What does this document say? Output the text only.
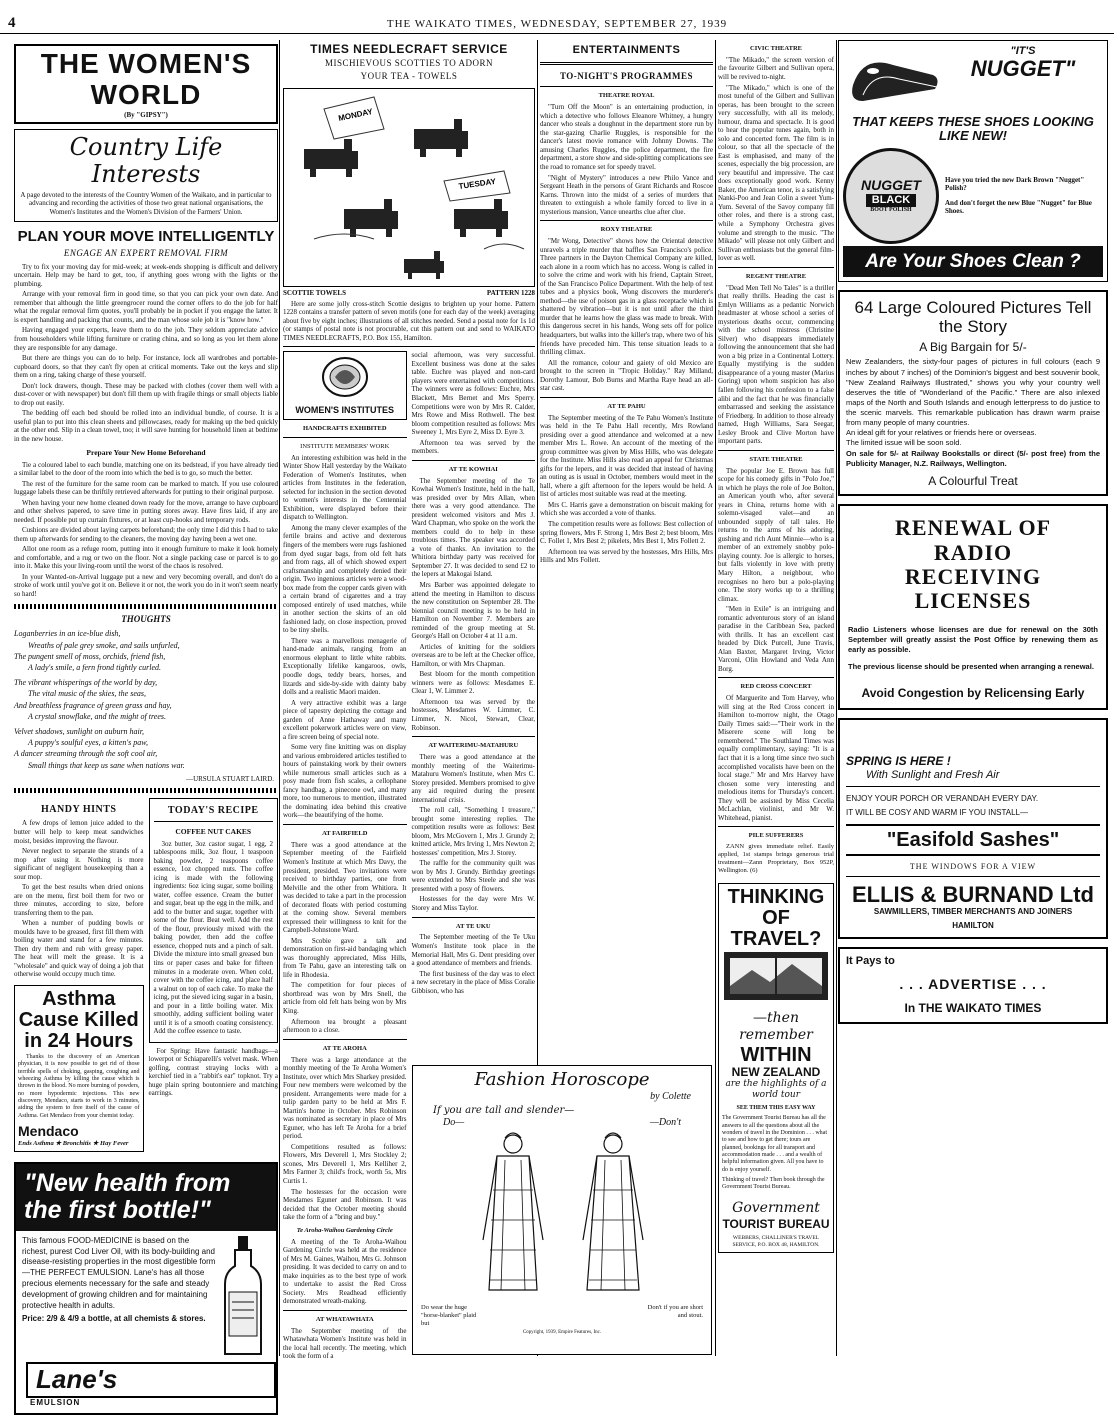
4	THE WAIKATO TIMES, WEDNESDAY, SEPTEMBER 27, 1939
THE WOMEN'S WORLD
(By "GIPSY")
Country Life Interests
A page devoted to the interests of the Country Women of the Waikato, and in particular to advancing and recording the activities of those two great national organisations, the Women's Institutes and the Women's Division of the Farmers' Union.
PLAN YOUR MOVE INTELLIGENTLY
ENGAGE AN EXPERT REMOVAL FIRM

Try to fix your moving day for mid-week; at week-ends shopping is difficult and delivery uncertain. Help may be hard to get, too, if anything goes wrong with the lights or the plumbing.

Arrange with your removal firm in good time, so that you can pick your own date. And remember that although the little greengrocer round the corner offers to do the job for half what the regular removal firm quotes, you'll probably be in pocket if you engage the latter. It is expert handling and packing that counts, and the man whose sole job it is "know how."

Having engaged your experts, leave them to do the job. They seldom appreciate advice from householders while lifting furniture or crating china, and so long as you let them alone they are responsible for any damage.

But there are things you can do to help. For instance, lock all wardrobes and portable-cupboard doors, so that they can't fly open at critical moments. Take out the keys and slip them on a ring, taking charge of these yourself.

Don't lock drawers, though. These may be packed with clothes (cover them well with a dust-cover or with newspaper) but don't fill them up with fragile things or small objects liable to drop out easily.

The bedding off each bed should be rolled into an individual bundle, of course. It is a useful plan to put into this clean sheets and pillowcases, ready for making up the bed quickly at the other end. Slip in a clean towel, too; it will save hunting for household linen at bedtime in the new house.

Prepare Your New Home Beforehand

Tie a coloured label to each bundle, matching one on its bedstead, if you have already tied a similar label to the door of the room into which the bed is to go, so much the better.

The rest of the furniture for the same room can be marked to match. If you use coloured luggage labels these can be thriftily retrieved afterwards for putting to their original purpose.

When having your new home cleaned down ready for the move, arrange to have cupboard and other shelves papered, to save time in putting stores away. Have fires laid, if any are needed. If possible put up curtain fixtures, or at least cup-hooks and temporary rods.

Cushions are divided about laying carpets beforehand; the only time I did this I had to take them up afterwards for sending to the cleaners, the moving day having been a wet one.

Allot one room as a refuge room, putting into it enough furniture to make it look homely and comfortable, and a rug or two on the floor. Not a single packing case or parcel is to go into it. Make this your living-room until the worst of the chaos is resolved.

In your Wanted-on-Arrival luggage put a new and very becoming overall, and don't do a stroke of work until you've got it on. Believe it or not, the work you do in it won't seem nearly so hard!

THOUGHTS

Loganberries in an ice-blue dish,

Wreaths of pale grey smoke, and sails unfurled,

The pungent smell of moss, orchids, friend fish,

A lady's smile, a fern frond tightly curled.

The vibrant whisperings of the world by day,

The vital music of the skies, the seas,

And breathless fragrance of green grass and hay,

A crystal snowflake, and the might of trees.

Velvet shadows, sunlight on auburn hair,

A puppy's soulful eyes, a kitten's paw,

A dancer streaming through the soft cool air,

Small things that keep us sane when nations war.

—URSULA STUART LAIRD.
HANDY HINTS

A few drops of lemon juice added to the butter will help to keep meat sandwiches moist, besides improving the flavour.

Never neglect to separate the strands of a mop after using it. Nothing is more significant of negligent housekeeping than a sour mop.

To get the best results when dried onions are on the menu, first boil them for two or three minutes, according to size, before transferring them to the pan.

When a number of pudding bowls or moulds have to be greased, first fill them with boiling water and stand for a few minutes. Then dry them and rub with greasy paper. The heat will melt the grease. It is a "wholesale" and quick way of doing a job that otherwise would occupy much time.

Asthma Cause Killed in 24 Hours

Thanks to the discovery of an American physician, it is now possible to get rid of those terrible spells of choking, gasping, coughing and wheezing Asthma by killing the cause which is thrown in the blood. No more burning of powders, no more hypodermic injections. This new discovery, Mendaco, starts to work in 3 minutes, aiding the system to free itself of the cause of Asthma. Get Mendaco from your chemist today.

Mendaco
Ends Asthma ★ Bronchitis ★ Hay Fever
TODAY'S RECIPE
COFFEE NUT CAKES

3oz butter, 3oz castor sugar, 1 egg, 2 tablespoons milk, 3oz flour, 1 teaspoon baking powder, 2 teaspoons coffee essence, 1oz chopped nuts. The coffee icing is made with the following ingredients: 6oz icing sugar, some boiling water, coffee essence. Cream the butter and sugar, beat up the egg in the milk, and add to the butter and sugar, together with some of the flour. Beat well. Add the rest of the flour, previously mixed with the baking powder, then add the coffee essence, chopped nuts and a pinch of salt. Divide the mixture into small greased bun tins or paper cases and bake for fifteen minutes in a moderate oven. When cold, cover with the coffee icing, and place half a walnut on top of each cake. To make the icing, put the sieved icing sugar in a basin, and pour in a little boiling water. Mix smoothly, adding sufficient boiling water until it is of a smooth coating consistency. Add the coffee essence to taste.

For Spring: Have fantastic handbags—a lowerpot or Schiaparelli's velvet mask. When golfing, contrast straying locks with a kerchief tied in a "rabbit's ear" topknot. Try a huge plain spring boutonniere and matching earrings.

"New health from the first bottle!"

This famous FOOD-MEDICINE is based on the richest, purest Cod Liver Oil, with its body-building and disease-resisting properties in the most digestible form—THE PERFECT EMULSION. Lane's has all those precious elements necessary for the safe and steady development of growing children and for maintaining protective health in adults.

Price: 2/9 & 4/9 a bottle, at all chemists & stores.

Lane's
EMULSION
TIMES NEEDLECRAFT SERVICE
MISCHIEVOUS SCOTTIES TO ADORN
YOUR TEA - TOWELS
MONDAY
TUESDAY
SCOTTIE TOWELS	PATTERN 1228

Here are some jolly cross-stitch Scottie designs to brighten up your home. Pattern 1228 contains a transfer pattern of seven motifs (one for each day of the week) averaging about five by eight inches; illustrations of all stitches needed. Send a postal note for 1s 1d (or stamps of postal note is not procurable, cut this pattern out and send to WAIKATO TIMES NEEDLECRAFTS, P.O. Box 155, Hamilton.

WOMEN'S INSTITUTES
HANDCRAFTS EXHIBITED
INSTITUTE MEMBERS' WORK

An interesting exhibition was held in the Winter Show Hall yesterday by the Waikato Federation of Women's Institutes, when articles from Institutes in the federation, selected for inclusion in the section devoted to women's interests in the Centennial Exhibition, were displayed before their dispatch to Wellington.

Among the many clever examples of the fertile brains and active and dexterous fingers of the members were rugs fashioned from dyed sugar bags, from old felt hats and from rags, all of which showed expert craftsmanship and completely denied their origin. Two ingenious articles were a wood-box made from the copper cards given with a certain brand of cigarettes and a tray composed entirely of used matches, while in another section the skirts of an old fashioned lady, on close inspection, proved to be tiny shells.

There was a marvellous menagerie of hand-made animals, ranging from an enormous elephant to little white rabbits. Exceptionally lifelike kangaroos, owls, poodle dogs, teddy bears, horses, and lizards and side-by-side with dainty baby dolls and a realistic Maori maiden.

A very attractive exhibit was a large piece of tapestry depicting the cottage and garden of Anne Hathaway and many excellent pokerwork articles were on view, a fire screen being of special note.

Some very fine knitting was on display and various embroidered articles testified to hours of painstaking work by their owners while numerous small articles such as a posy made from fish scales, a cellophane fancy handbag, a pinecone owl, and many more, too numerous to mention, illustrated the dominating idea behind this creative work—the beautifying of the home.

AT FAIRFIELD

There was a good attendance at the September meeting of the Fairfield Women's Institute at which Mrs Davy, the president, presided. Two invitations were received to birthday parties, one from Melville and the other from Whitiora. It was decided to take a part in the procession of decorated floats with period costuming at the coming show. Several members expressed their willingness to knit for the Campbell-Johnstone Ward.

Mrs Scobie gave a talk and demonstration on first-aid bandaging which was thoroughly appreciated, Miss Hills, from Te Pahu, gave an interesting talk on life in Rhodesia.

The competition for four pieces of shortbread was won by Mrs Snell, the article from old felt hats being won by Mrs King.

Afternoon tea brought a pleasant afternoon to a close.

AT TE AROHA

There was a large attendance at the monthly meeting of the Te Aroha Women's Institute, over which Mrs Sharkey presided. Four new members were welcomed by the president. Arrangements were made for a tulip garden party to be held at Mrs F. Martin's home in October. Mrs Robinson was nominated as secretary in place of Mrs Eguner, who has left Te Aroha for a brief period.

Competitions resulted as follows: Flowers, Mrs Deverell 1, Mrs Stockley 2; scones, Mrs Deverell 1, Mrs Kelliher 2, Mrs Farmer 3; child's frock, worth 5s, Mrs Curtis 1.

The hostesses for the occasion were Mesdames Eguner and Robinson. It was decided that the October meeting should take the form of a "bring and buy."

Te Aroha-Waihou Gardening Circle

A meeting of the Te Aroha-Waihou Gardening Circle was held at the residence of Mrs M. Gaines, Waihou, Mrs G. Johnson presiding. It was decided to carry on and to make inquiries as to the best type of work to undertake to assist the Red Cross Society. Mrs Readhead efficiently demonstrated wreath-making.

AT WHATAWHATA

The September meeting of the Whatawhata Women's Institute was held in the local hall recently. The meeting, which took the form of a

social afternoon, was very successful. Excellent business was done at the sales table. Euchre was played and non-card players were entertained with competitions. The winners were as follows: Euchre, Mrs Blackett, Mrs Bernet and Mrs Sperry. Competitions were won by Mrs R. Calder, Mrs Rowe and Miss Rothwell. The best bloom competition resulted as follows: Mrs Sweeney 1, Mrs Eyre 2, Miss D. Eyre 3.

Afternoon tea was served by the members.

AT TE KOWHAI

The September meeting of the Te Kowhai Women's Institute, held in the hall, was presided over by Mrs Allan, when there was a very good attendance. The president welcomed visitors and Mrs J. Ward Chapman, who spoke on the work the members could do to help in these troublous times. The speaker was accorded a vote of thanks. An invitation to the Whitiora birthday party was received for September 27. It was decided to send £2 to the lepers at Makogai Island.

Mrs Barber was appointed delegate to attend the meeting in Hamilton to discuss the new constitution on September 28. The biennial council meeting is to be held in Hamilton on November 7. Members are reminded of the group meeting at St. George's Hall on October 4 at 11 a.m.

Articles of knitting for the soldiers overseas are to be left at the Checker office, Hamilton, or with Mrs Chapman.

Best bloom for the month competition winners were as follows: Mesdames E. Clear 1, W. Limmer 2.

Afternoon tea was served by the hostesses, Mesdames W. Limmer, C. Limmer, N. Nicol, Stewart, Clear, Robinson.

AT WAITERIMU-MATAHURU

There was a good attendance at the monthly meeting of the Waiterimu-Matahuru Women's Institute, when Mrs C. Storey presided. Members promised to give any aid required during the present international crisis.

The roll call, "Something I treasure," brought some interesting replies. The competition results were as follows: Best bloom, Mrs McGovern 1, Mrs J. Grundy 2; knitted article, Mrs Irving 1, Mrs Newton 2; hostesses' competition, Mrs J. Storey.

The raffle for the community quilt was won by Mrs J. Grundy. Birthday greetings were extended to Mrs Steele and she was presented with a posy of flowers.

Hostesses for the day were Mrs W. Storey and Miss Taylor.

AT TE UKU

The September meeting of the Te Uku Women's Institute took place in the Memorial Hall, Mrs G. Dent presiding over a good attendance of members and friends.

The first business of the day was to elect a new secretary in the place of Miss Coralie Gibbison, who has

ENTERTAINMENTS
TO-NIGHT'S PROGRAMMES
THEATRE ROYAL

"Turn Off the Moon" is an entertaining production, in which a detective who follows Eleanore Whitney, a hungry dancer who steals a doughnut in the department store run by the star-gazing Charlie Ruggles, is responsible for the dancer's latest movie romance with Johnny Downs. The amusing Charles Ruggles, the police department, the fire department, a store show and side-splitting complications see the road to romance set for speedy travel.

"Night of Mystery" introduces a new Philo Vance and Sergeant Heath in the persons of Grant Richards and Roscoe Karns. Thrown into the midst of a series of murders that threaten to extinguish a whole family forced to live in a mysterious mansion, Vance unearths clue after clue.

ROXY THEATRE

"Mr Wong, Detective" shows how the Oriental detective unravels a triple murder that baffles San Francisco's police. Three partners in the Dayton Chemical Company are killed, each alone in a room which has no access. Wong is called in to solve the crime and work with his friend, Captain Street, of the San Francisco Police Department. With the help of test tubes and a physics book, Wong discovers the murderer's method—the use of poison gas in a glass receptacle which is shattered by vibration—but it is not until after the third murder that he learns how the glass was made to break. With this dangerous secret in his hands, Wong sets off for police headquarters, but walks into the killer's trap, where two of his friends have preceded him. This tense situation leads to a thrilling climax.

All the romance, colour and gaiety of old Mexico are brought to the screen in "Tropic Holiday." Ray Milland, Dorothy Lamour, Bob Burns and Martha Raye head an all-star cast.

AT TE PAHU

The September meeting of the Te Pahu Women's Institute was held in the Te Pahu Hall recently, Mrs Rowland presiding over a good attendance and welcomed at a new member Mrs L. Rowe. An account of the meeting of the group committee was given by Miss Hills, who was delegate for the Institute. Miss Hills also read an appeal for Christmas gifts for the lepers, and it was decided that instead of having an outing as is usual in October, members would meet in the hall, where a gift afternoon for the lepers would be held. A list of articles most suitable was read at the meeting.

Mrs C. Harris gave a demonstration on biscuit making for which she was accorded a vote of thanks.

The competition results were as follows: Best collection of spring flowers, Mrs F. Strong 1, Mrs Best 2; best bloom, Mrs C. Follet 1, Mrs Best 2; pikelets, Mrs Best 1, Mrs Follett 2.

Afternoon tea was served by the hostesses, Mrs Hills, Mrs Hills and Mrs Follett.

Fashion Horoscope
by Colette
If you are tall and slender—
Do—	—Don't
Do wear the huge "horse-blanket" plaid but
Don't if you are short and stout.
Copyright, 1939, Empire Features, Inc.
CIVIC THEATRE

"The Mikado," the screen version of the favourite Gilbert and Sullivan opera, will be revived to-night.

"The Mikado," which is one of the most tuneful of the Gilbert and Sullivan operas, has been brought to the screen very successfully, with all its melody, humour, drama and spectacle. It is good to hear the popular tunes again, both in solo and concerted form. The film is in colour, so that all the spectacle of the East is emphasised, and many of the scenes, especially the big procession, are very beautiful and impressive. The cast does exceptionally good work. Kenny Baker, the American tenor, is a satisfying Nanki-Poo and Jean Colin a sweet Yum-Yum. Several of the Savoy company fill other roles, and there is a strong cast, while a Symphony Orchestra gives volume and strength to the music. "The Mikado" will please not only Gilbert and Sullivan enthusiasts but the general film-lover as well.

REGENT THEATRE

"Dead Men Tell No Tales" is a thriller that really thrills. Heading the cast is Emlyn Williams as a pedantic Norwich headmaster at whose school a series of mysterious deaths occur, commencing with the school mistress (Christine Silver) who disappears immediately following the announcement that she had won a big prize in a Continental Lottery. Equally mystifying is the sudden disappearance of a young master (Marius Goring) upon whom suspicion has also fallen following his confession to a false alibi and the fact that he was financially embarrassed and seeking the assistance of Friedberg. In addition to those already named, Hugh Williams, Sara Seegar, Lesley Brook and Clive Morton have important parts.

STATE THEATRE

The popular Joe E. Brown has full scope for his comedy gifts in "Polo Joe," in which he plays the role of Joe Bolton, an American youth who, after several years in China, returns home with a solemn-visaged valet—and an unbounded supply of tall tales. He returns to the arms of his adoring, gushing and rich Aunt Minnie—who is a member of an extremely snobby polo-playing county. Joe is allergic to horses, but falls violently in love with pretty Mary Hilton, a neighbour, who recognises no hero but a polo-playing one. The story works up to a thrilling climax.

"Men in Exile" is an intriguing and romantic adventurous story of an island paradise in the Caribbean Sea, packed with thrills. It has an excellent cast headed by Dick Purcell, June Travis, Alan Baxter, Margaret Irving, Victor Varconi, Olin Howland and Veda Ann Borg.

RED CROSS CONCERT

Of Marguerite and Tom Harvey, who will sing at the Red Cross concert in Hamilton to-morrow night, the Otago Daily Times said:—"Their work in the Miserere scene will long be remembered." The Southland Times was equally complimentary, saying: "It is a fact that it is a long time since two such accomplished vocalists have been on the local stage." Mr and Mrs Harvey have chosen some very interesting and melodious items for Thursday's concert. They will be assisted by Miss Cecelia McLachlan, violinist, and Mr W. Whitehead, pianist.

PILE SUFFERERS

ZANN gives immediate relief. Easily applied, 1st stamps brings generous trial treatment—Zann Proprietary, Box 952P, Wellington. (6)

THINKING OF TRAVEL?
—then remember
WITHIN
NEW ZEALAND
are the highlights of a world tour
SEE THEM THIS EASY WAY
The Government Tourist Bureau has all the answers to all the questions about all the wonders of travel in the Dominion . . . what to see and how to get there; tours are planned, bookings for all transport and accommodation made . . . and a wealth of helpful information given. All you have to do is enjoy yourself.
Thinking of travel? Then book through the Government Tourist Bureau.
Government
TOURIST BUREAU
WEBBERS, CHALLINER'S TRAVEL SERVICE, P.O. BOX 48, HAMILTON.
"IT'S
NUGGET"
THAT KEEPS THESE SHOES LOOKING LIKE NEW!
NUGGET
BLACK
BOOT POLISH
Have you tried the new Dark Brown "Nugget" Polish?
And don't forget the new Blue "Nugget" for Blue Shoes.
Are Your Shoes Clean ?
64 Large Coloured Pictures Tell the Story
A Big Bargain for 5/-

New Zealanders, the sixty-four pages of pictures in full colours (each 9 inches by about 7 inches) of the Dominion's biggest and best souvenir book, "New Zealand Railways Illustrated," shows you why your country well deserves the title of "Wonderland of the Pacific." There are also inlexed maps of the North and South Islands and enough letterpress to do justice to the scenic marvels. This remarkable publication has drawn warm praise from many people of many countries.

An ideal gift for your relatives or friends here or overseas.

The limited issue will be soon sold.

On sale for 5/- at Railway Bookstalls or direct (5/- post free) from the Publicity Manager, N.Z. Railways, Wellington.

A Colourful Treat
RENEWAL OF
RADIO
RECEIVING LICENSES

Radio Listeners whose licenses are due for renewal on the 30th September will greatly assist the Post Office by renewing them as early as possible.

The previous license should be presented when arranging a renewal.

Avoid Congestion by Relicensing Early
SPRING IS HERE !
With Sunlight and Fresh Air
ENJOY YOUR PORCH OR VERANDAH EVERY DAY.
IT WILL BE COSY AND WARM IF YOU INSTALL—
"Easifold Sashes"
THE WINDOWS FOR A VIEW
ELLIS & BURNAND Ltd
SAWMILLERS, TIMBER MERCHANTS AND JOINERS
HAMILTON
It Pays to
. . . ADVERTISE . . .
In THE WAIKATO TIMES
